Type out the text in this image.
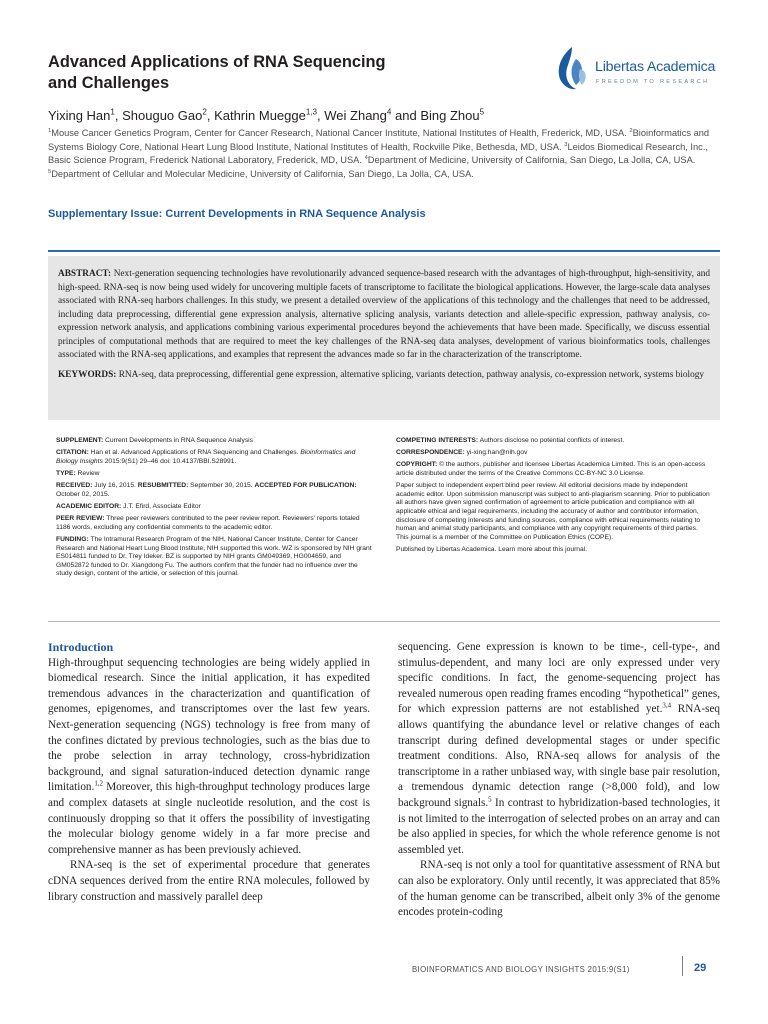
Advanced Applications of RNA Sequencing
and Challenges
Libertas Academica
FREEDOM TO RESEARCH
Yixing Han$^1$, Shouguo Gao$^2$, Kathrin Muegge$^{1,3}$, Wei Zhang$^4$ and Bing Zhou$^5$
$^1$Mouse Cancer Genetics Program, Center for Cancer Research, National Cancer Institute, National Institutes of Health, Frederick, MD, USA. $^2$Bioinformatics and Systems Biology Core, National Heart Lung Blood Institute, National Institutes of Health, Rockville Pike, Bethesda, MD, USA. $^3$Leidos Biomedical Research, Inc., Basic Science Program, Frederick National Laboratory, Frederick, MD, USA. $^4$Department of Medicine, University of California, San Diego, La Jolla, CA, USA. $^5$Department of Cellular and Molecular Medicine, University of California, San Diego, La Jolla, CA, USA.
Supplementary Issue: Current Developments in RNA Sequence Analysis

ABSTRACT: Next-generation sequencing technologies have revolutionarily advanced sequence-based research with the advantages of high-throughput, high-sensitivity, and high-speed. RNA-seq is now being used widely for uncovering multiple facets of transcriptome to facilitate the biological applications. However, the large-scale data analyses associated with RNA-seq harbors challenges. In this study, we present a detailed overview of the applications of this technology and the challenges that need to be addressed, including data preprocessing, differential gene expression analysis, alternative splicing analysis, variants detection and allele-specific expression, pathway analysis, co-expression network analysis, and applications combining various experimental procedures beyond the achievements that have been made. Specifically, we discuss essential principles of computational methods that are required to meet the key challenges of the RNA-seq data analyses, development of various bioinformatics tools, challenges associated with the RNA-seq applications, and examples that represent the advances made so far in the characterization of the transcriptome.

KEYWORDS: RNA-seq, data preprocessing, differential gene expression, alternative splicing, variants detection, pathway analysis, co-expression network, systems biology

SUPPLEMENT: Current Developments in RNA Sequence Analysis

CITATION: Han et al. Advanced Applications of RNA Sequencing and Challenges. Bioinformatics and Biology Insights 2015:9(S1) 29–46 doi: 10.4137/BBI.S28991.

TYPE: Review

RECEIVED: July 16, 2015. RESUBMITTED: September 30, 2015. ACCEPTED FOR PUBLICATION: October 02, 2015.

ACADEMIC EDITOR: J.T. Efird, Associate Editor

PEER REVIEW: Three peer reviewers contributed to the peer review report. Reviewers' reports totaled 1186 words, excluding any confidential comments to the academic editor.

FUNDING: The Intramural Research Program of the NIH, National Cancer Institute, Center for Cancer Research and National Heart Lung Blood Institute, NIH supported this work. WZ is sponsored by NIH grant ES014811 funded to Dr. Trey Ideker. BZ is supported by NIH grants GM049369, HG004659, and GM052872 funded to Dr. Xiangdong Fu. The authors confirm that the funder had no influence over the study design, content of the article, or selection of this journal.

COMPETING INTERESTS: Authors disclose no potential conflicts of interest.

CORRESPONDENCE: yi-xing.han@nih.gov

COPYRIGHT: © the authors, publisher and licensee Libertas Academica Limited. This is an open-access article distributed under the terms of the Creative Commons CC-BY-NC 3.0 License.

Paper subject to independent expert blind peer review. All editorial decisions made by independent academic editor. Upon submission manuscript was subject to anti-plagiarism scanning. Prior to publication all authors have given signed confirmation of agreement to article publication and compliance with all applicable ethical and legal requirements, including the accuracy of author and contributor information, disclosure of competing interests and funding sources, compliance with ethical requirements relating to human and animal study participants, and compliance with any copyright requirements of third parties. This journal is a member of the Committee on Publication Ethics (COPE).

Published by Libertas Academica. Learn more about this journal.

Introduction

High-throughput sequencing technologies are being widely applied in biomedical research. Since the initial application, it has expedited tremendous advances in the characterization and quantification of genomes, epigenomes, and transcriptomes over the last few years. Next-generation sequencing (NGS) technology is free from many of the confines dictated by previous technologies, such as the bias due to the probe selection in array technology, cross-hybridization background, and signal saturation-induced detection dynamic range limitation.$^{1,2}$ Moreover, this high-throughput technology produces large and complex datasets at single nucleotide resolution, and the cost is continuously dropping so that it offers the possibility of investigating the molecular biology genome widely in a far more precise and comprehensive manner as has been previously achieved.

RNA-seq is the set of experimental procedure that generates cDNA sequences derived from the entire RNA molecules, followed by library construction and massively parallel deep

sequencing. Gene expression is known to be time-, cell-type-, and stimulus-dependent, and many loci are only expressed under very specific conditions. In fact, the genome-sequencing project has revealed numerous open reading frames encoding “hypothetical” genes, for which expression patterns are not established yet.$^{3,4}$ RNA-seq allows quantifying the abundance level or relative changes of each transcript during defined developmental stages or under specific treatment conditions. Also, RNA-seq allows for analysis of the transcriptome in a rather unbiased way, with single base pair resolution, a tremendous dynamic detection range (>8,000 fold), and low background signals.$^5$ In contrast to hybridization-based technologies, it is not limited to the interrogation of selected probes on an array and can be also applied in species, for which the whole reference genome is not assembled yet.

RNA-seq is not only a tool for quantitative assessment of RNA but can also be exploratory. Only until recently, it was appreciated that 85% of the human genome can be transcribed, albeit only 3% of the genome encodes protein-coding

BIOINFORMATICS AND BIOLOGY INSIGHTS 2015:9(S1)	29
